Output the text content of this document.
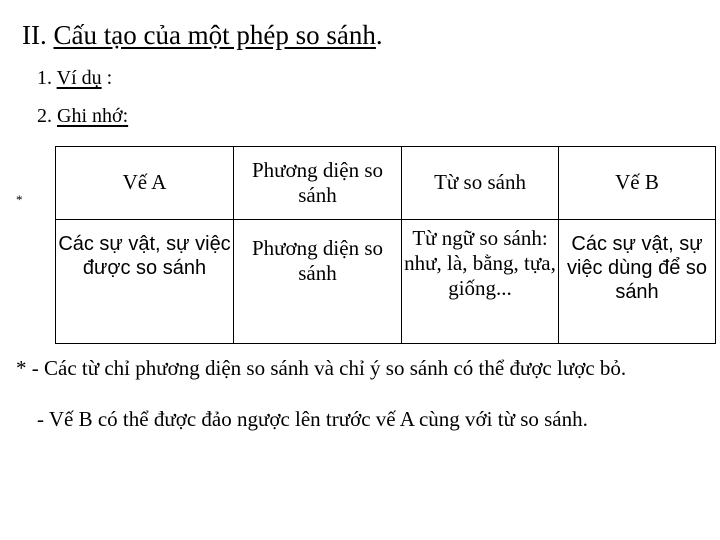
II. Cấu tạo của một phép so sánh.
1. Ví dụ :
2. Ghi nhớ:
*
Vế A	Phương diện so sánh	Từ so sánh	Vế B
Các sự vật, sự việc được so sánh	Phương diện so sánh	Từ ngữ so sánh: như, là, bằng, tựa, giống...	Các sự vật, sự việc dùng để so sánh
* - Các từ chỉ phương diện so sánh và chỉ ý so sánh có thể được lược bỏ.
- Vế B có thể được đảo ngược lên trước vế A cùng với từ so sánh.
